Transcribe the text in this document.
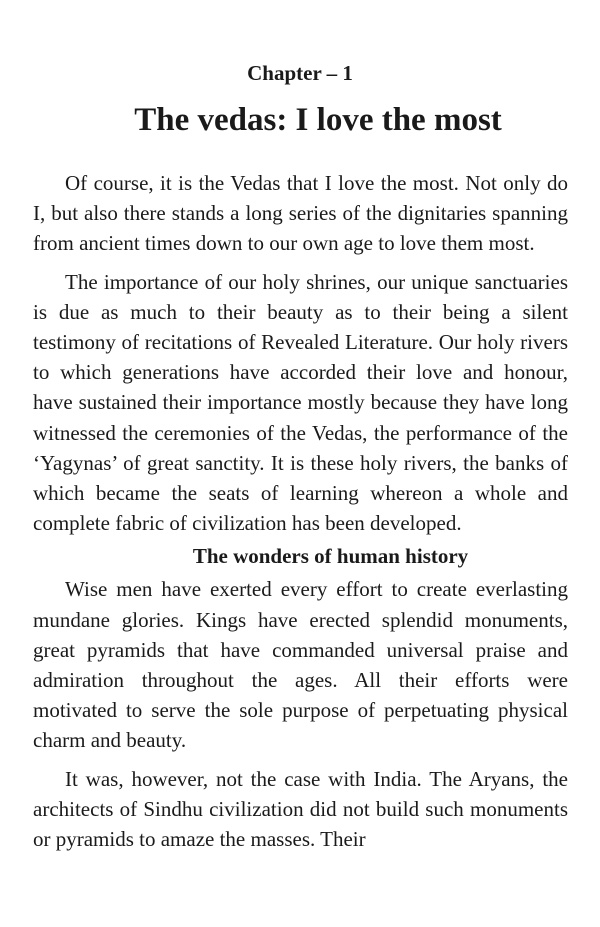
Chapter – 1
The vedas: I love the most

Of course, it is the Vedas that I love the most. Not only do I, but also there stands a long series of the dignitaries spanning from ancient times down to our own age to love them most.

The importance of our holy shrines, our unique sanctuaries is due as much to their beauty as to their being a silent testimony of recitations of Revealed Literature. Our holy rivers to which generations have accorded their love and honour, have sustained their importance mostly because they have long witnessed the ceremonies of the Vedas, the performance of the ‘Yagynas’ of great sanctity. It is these holy rivers, the banks of which became the seats of learning whereon a whole and complete fabric of civilization has been developed.

The wonders of human history

Wise men have exerted every effort to create everlasting mundane glories. Kings have erected splendid monuments, great pyramids that have commanded universal praise and admiration throughout the ages. All their efforts were motivated to serve the sole purpose of perpetuating physical charm and beauty.

It was, however, not the case with India. The Aryans, the architects of Sindhu civilization did not build such monuments or pyramids to amaze the masses. Their
